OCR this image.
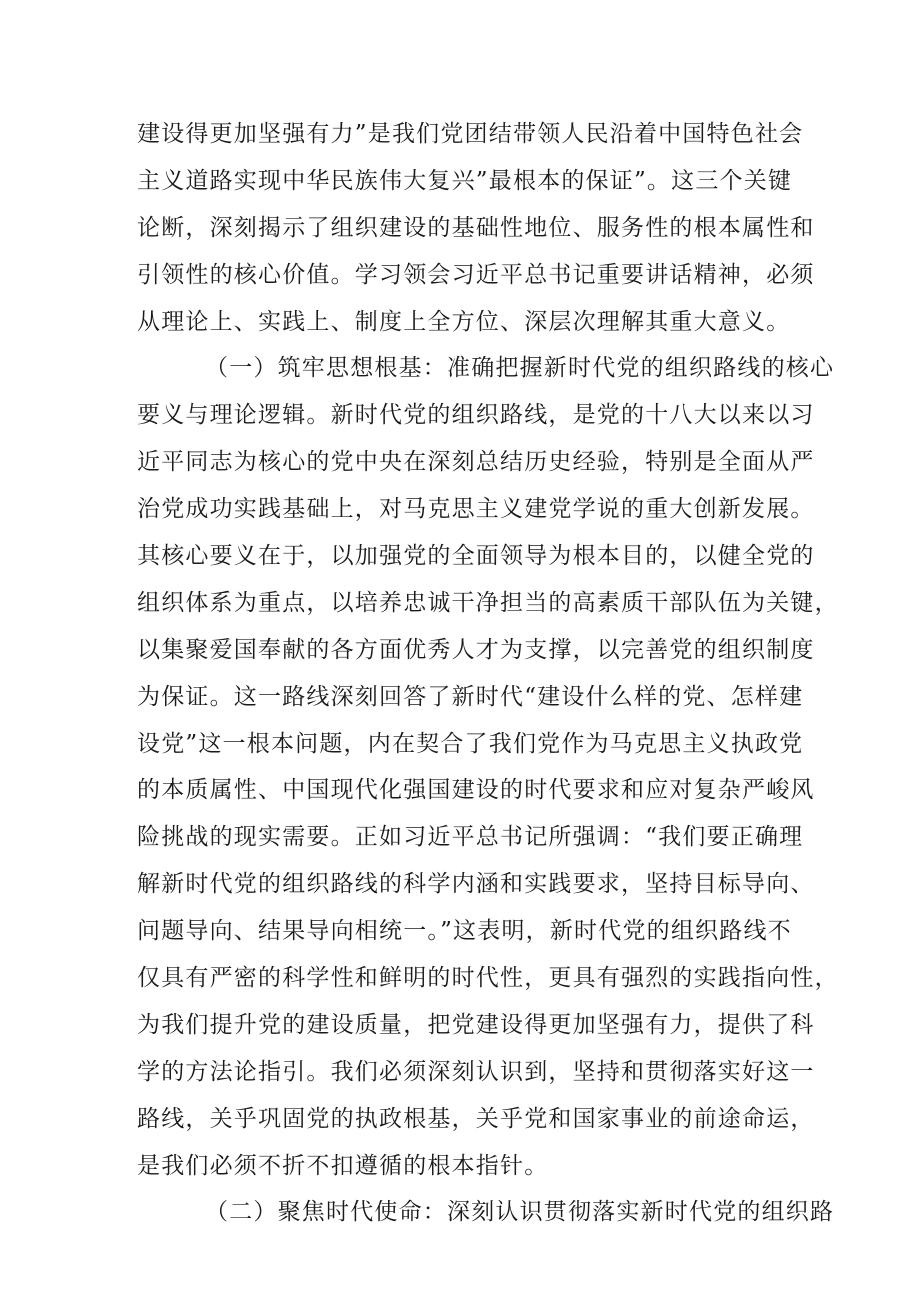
建设得更加坚强有力”是我们党团结带领人民沿着中国特色社会
主义道路实现中华民族伟大复兴”最根本的保证”。这三个关键
论断，深刻揭示了组织建设的基础性地位、服务性的根本属性和
引领性的核心价值。学习领会习近平总书记重要讲话精神，必须
从理论上、实践上、制度上全方位、深层次理解其重大意义。
（一）筑牢思想根基：准确把握新时代党的组织路线的核心
要义与理论逻辑。新时代党的组织路线，是党的十八大以来以习
近平同志为核心的党中央在深刻总结历史经验，特别是全面从严
治党成功实践基础上，对马克思主义建党学说的重大创新发展。
其核心要义在于，以加强党的全面领导为根本目的，以健全党的
组织体系为重点，以培养忠诚干净担当的高素质干部队伍为关键，
以集聚爱国奉献的各方面优秀人才为支撑，以完善党的组织制度
为保证。这一路线深刻回答了新时代“建设什么样的党、怎样建
设党”这一根本问题，内在契合了我们党作为马克思主义执政党
的本质属性、中国现代化强国建设的时代要求和应对复杂严峻风
险挑战的现实需要。正如习近平总书记所强调：“我们要正确理
解新时代党的组织路线的科学内涵和实践要求，坚持目标导向、
问题导向、结果导向相统一。”这表明，新时代党的组织路线不
仅具有严密的科学性和鲜明的时代性，更具有强烈的实践指向性，
为我们提升党的建设质量，把党建设得更加坚强有力，提供了科
学的方法论指引。我们必须深刻认识到，坚持和贯彻落实好这一
路线，关乎巩固党的执政根基，关乎党和国家事业的前途命运，
是我们必须不折不扣遵循的根本指针。
（二）聚焦时代使命：深刻认识贯彻落实新时代党的组织路
